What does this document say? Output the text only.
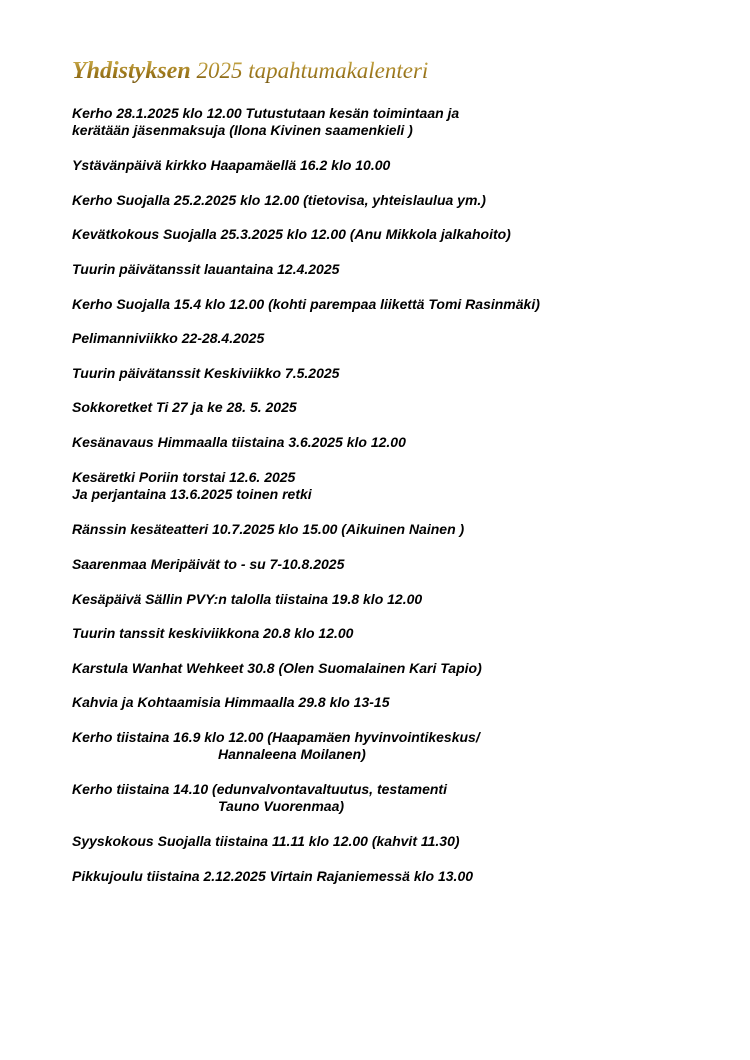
Yhdistyksen 2025 tapahtumakalenteri
Kerho 28.1.2025 klo 12.00 Tutustutaan kesän toimintaan ja
kerätään jäsenmaksuja (Ilona Kivinen saamenkieli )
Ystävänpäivä kirkko Haapamäellä 16.2 klo 10.00
Kerho Suojalla 25.2.2025 klo 12.00 (tietovisa, yhteislaulua ym.)
Kevätkokous Suojalla 25.3.2025 klo 12.00 (Anu Mikkola jalkahoito)
Tuurin päivätanssit lauantaina 12.4.2025
Kerho Suojalla 15.4 klo 12.00 (kohti parempaa liikettä Tomi Rasinmäki)
Pelimanniviikko 22-28.4.2025
Tuurin päivätanssit Keskiviikko 7.5.2025
Sokkoretket Ti 27 ja ke 28. 5. 2025
Kesänavaus Himmaalla tiistaina 3.6.2025 klo 12.00
Kesäretki Poriin torstai 12.6. 2025
Ja perjantaina 13.6.2025 toinen retki
Ränssin kesäteatteri 10.7.2025 klo 15.00 (Aikuinen Nainen )
Saarenmaa Meripäivät to - su 7-10.8.2025
Kesäpäivä Sällin PVY:n talolla tiistaina 19.8 klo 12.00
Tuurin tanssit keskiviikkona 20.8 klo 12.00
Karstula Wanhat Wehkeet 30.8 (Olen Suomalainen Kari Tapio)
Kahvia ja Kohtaamisia Himmaalla 29.8 klo 13-15
Kerho tiistaina 16.9 klo 12.00 (Haapamäen hyvinvointikeskus/
Hannaleena Moilanen)
Kerho tiistaina 14.10 (edunvalvontavaltuutus, testamenti
Tauno Vuorenmaa)
Syyskokous Suojalla tiistaina 11.11 klo 12.00 (kahvit 11.30)
Pikkujoulu tiistaina 2.12.2025 Virtain Rajaniemessä klo 13.00
